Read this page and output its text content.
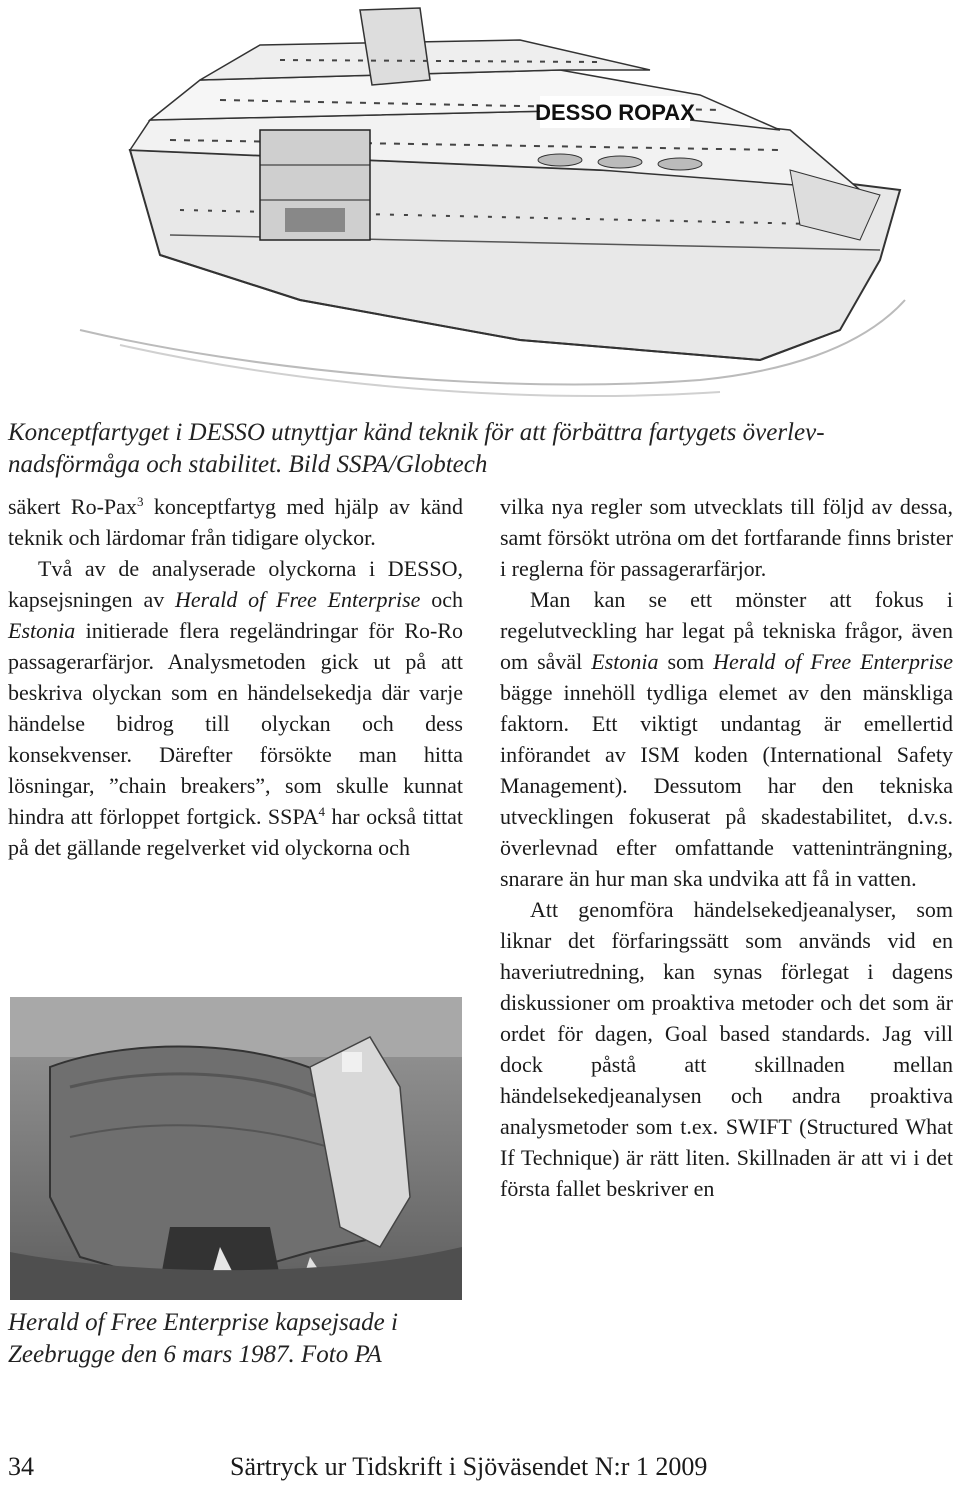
DESSO ROPAX
Konceptfartyget i DESSO utnyttjar känd teknik för att förbättra fartygets överlev-
nadsförmåga och stabilitet. Bild SSPA/Globtech

säkert Ro-Pax$^3$ konceptfartyg med hjälp av känd teknik och lärdomar från tidigare olyckor.

Två av de analyserade olyckorna i DESSO, kapsejsningen av Herald of Free Enterprise och Estonia initierade flera regeländringar för Ro-Ro passagerarfärjor. Analysmetoden gick ut på att beskriva olyckan som en händelsekedja där varje händelse bidrog till olyckan och dess konsekvenser. Därefter försökte man hitta lösningar, ”chain breakers”, som skulle kunnat hindra att förloppet fortgick. SSPA$^4$ har också tittat på det gällande regelverket vid olyckorna och

Herald of Free Enterprise kapsejsade i
Zeebrugge den 6 mars 1987. Foto PA

vilka nya regler som utvecklats till följd av dessa, samt försökt utröna om det fortfarande finns brister i reglerna för passagerarfärjor.

Man kan se ett mönster att fokus i regelutveckling har legat på tekniska frågor, även om såväl Estonia som Herald of Free Enterprise bägge innehöll tydliga elemet av den mänskliga faktorn. Ett viktigt undantag är emellertid införandet av ISM koden (International Safety Management). Dessutom har den tekniska utvecklingen fokuserat på skadestabilitet, d.v.s. överlevnad efter omfattande vatteninträngning, snarare än hur man ska undvika att få in vatten.

Att genomföra händelsekedjeanalyser, som liknar det förfaringssätt som används vid en haveriutredning, kan synas förlegat i dagens diskussioner om proaktiva metoder och det som är ordet för dagen, Goal based standards. Jag vill dock påstå att skillnaden mellan händelsekedjeanalysen och andra proaktiva analysmetoder som t.ex. SWIFT (Structured What If Technique) är rätt liten. Skillnaden är att vi i det första fallet beskriver en

34	Särtryck ur Tidskrift i Sjöväsendet N:r 1 2009
